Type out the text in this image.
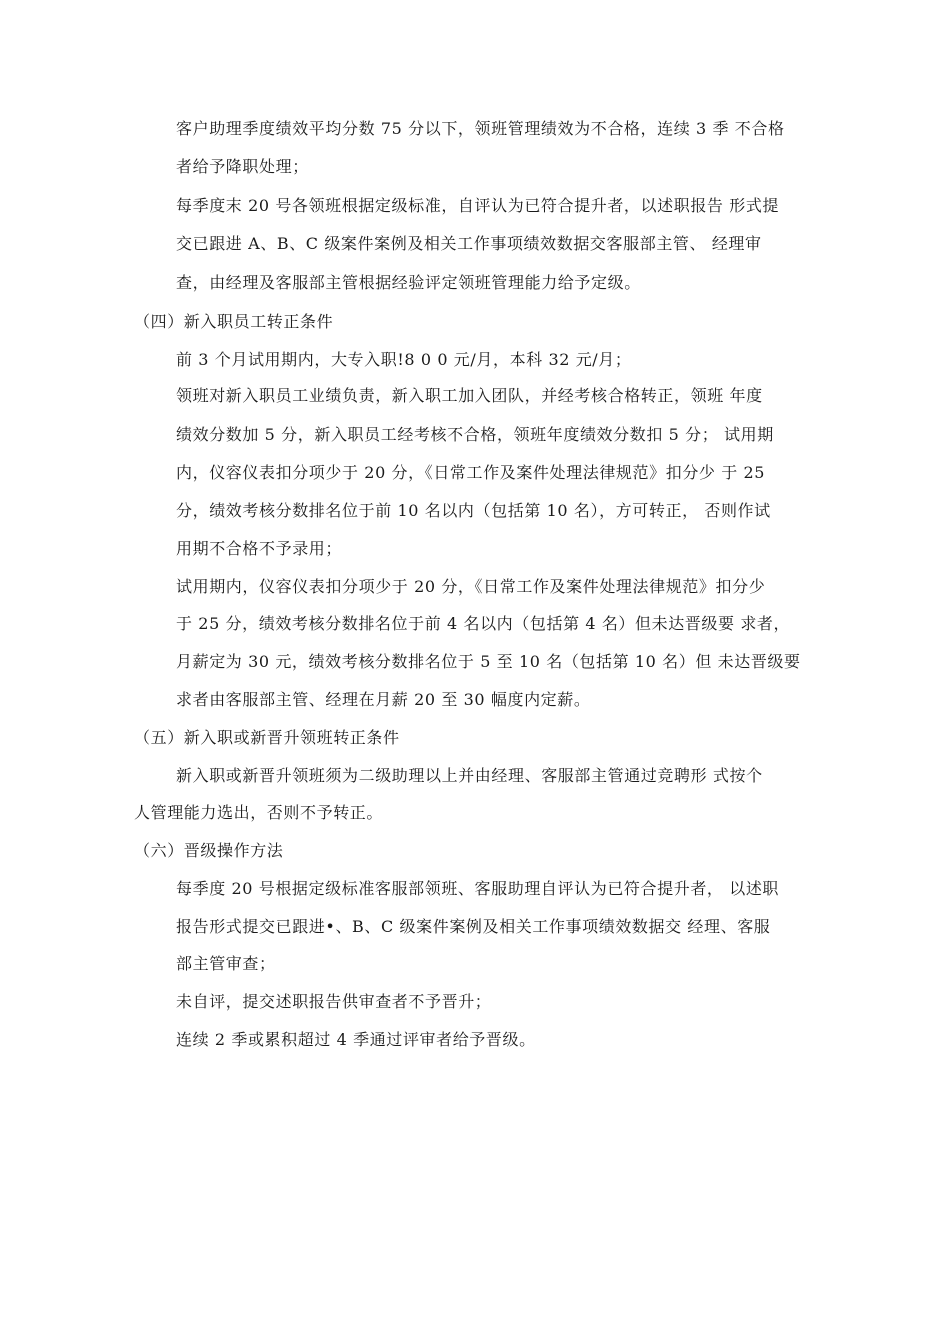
客户助理季度绩效平均分数 75 分以下，领班管理绩效为不合格，连续 3 季 不合格
者给予降职处理；
每季度末 20 号各领班根据定级标准，自评认为已符合提升者，以述职报告 形式提
交已跟进 A、B、C 级案件案例及相关工作事项绩效数据交客服部主管、 经理审
查，由经理及客服部主管根据经验评定领班管理能力给予定级。
（四）新入职员工转正条件
前 3 个月试用期内，大专入职!8 0 0 元/月，本科 32 元/月；
领班对新入职员工业绩负责，新入职工加入团队，并经考核合格转正，领班 年度
绩效分数加 5 分，新入职员工经考核不合格，领班年度绩效分数扣 5 分； 试用期
内，仪容仪表扣分项少于 20 分，《日常工作及案件处理法律规范》扣分少 于 25
分，绩效考核分数排名位于前 10 名以内（包括第 10 名），方可转正， 否则作试
用期不合格不予录用；
试用期内，仪容仪表扣分项少于 20 分，《日常工作及案件处理法律规范》扣分少
于 25 分，绩效考核分数排名位于前 4 名以内（包括第 4 名）但未达晋级要 求者，
月薪定为 30 元，绩效考核分数排名位于 5 至 10 名（包括第 10 名）但 未达晋级要
求者由客服部主管、经理在月薪 20 至 30 幅度内定薪。
（五）新入职或新晋升领班转正条件
新入职或新晋升领班须为二级助理以上并由经理、客服部主管通过竞聘形 式按个
人管理能力选出，否则不予转正。
（六）晋级操作方法
每季度 20 号根据定级标准客服部领班、客服助理自评认为已符合提升者， 以述职
报告形式提交已跟进•、B、C 级案件案例及相关工作事项绩效数据交 经理、客服
部主管审查；
未自评，提交述职报告供审查者不予晋升；
连续 2 季或累积超过 4 季通过评审者给予晋级。
